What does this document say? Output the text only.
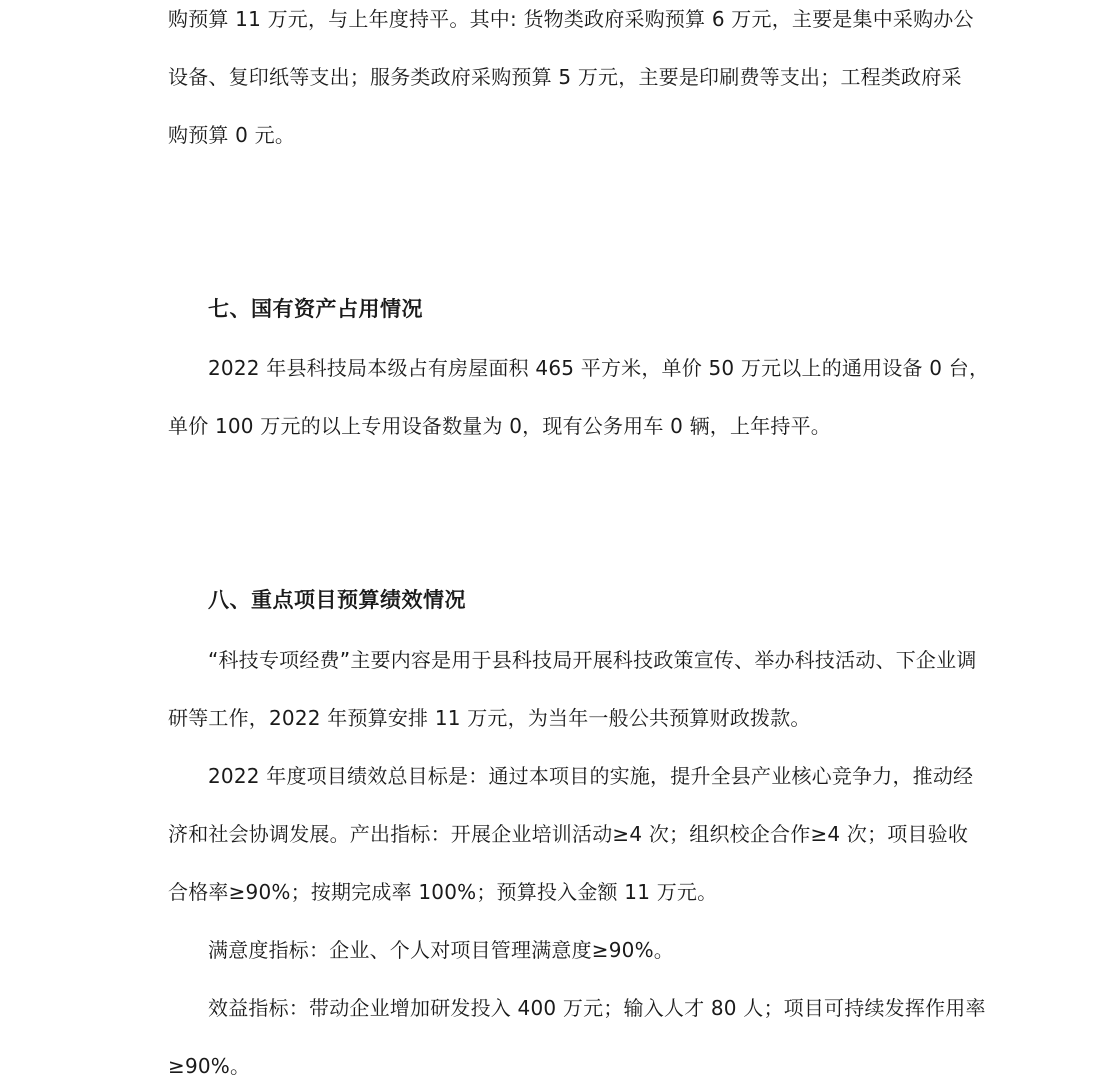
购预算 11 万元，与上年度持平。其中: 货物类政府采购预算 6 万元，主要是集中采购办公
设备、复印纸等支出；服务类政府采购预算 5 万元，主要是印刷费等支出；工程类政府采
购预算 0 元。
七、国有资产占用情况
2022 年县科技局本级占有房屋面积 465 平方米，单价 50 万元以上的通用设备 0 台，
单价 100 万元的以上专用设备数量为 0，现有公务用车 0 辆，上年持平。
八、重点项目预算绩效情况
“科技专项经费”主要内容是用于县科技局开展科技政策宣传、举办科技活动、下企业调
研等工作，2022 年预算安排 11 万元，为当年一般公共预算财政拨款。
2022 年度项目绩效总目标是：通过本项目的实施，提升全县产业核心竞争力，推动经
济和社会协调发展。产出指标：开展企业培训活动≥4 次；组织校企合作≥4 次；项目验收
合格率≥90%；按期完成率 100%；预算投入金额 11 万元。
满意度指标：企业、个人对项目管理满意度≥90%。
效益指标：带动企业增加研发投入 400 万元；输入人才 80 人；项目可持续发挥作用率
≥90%。
